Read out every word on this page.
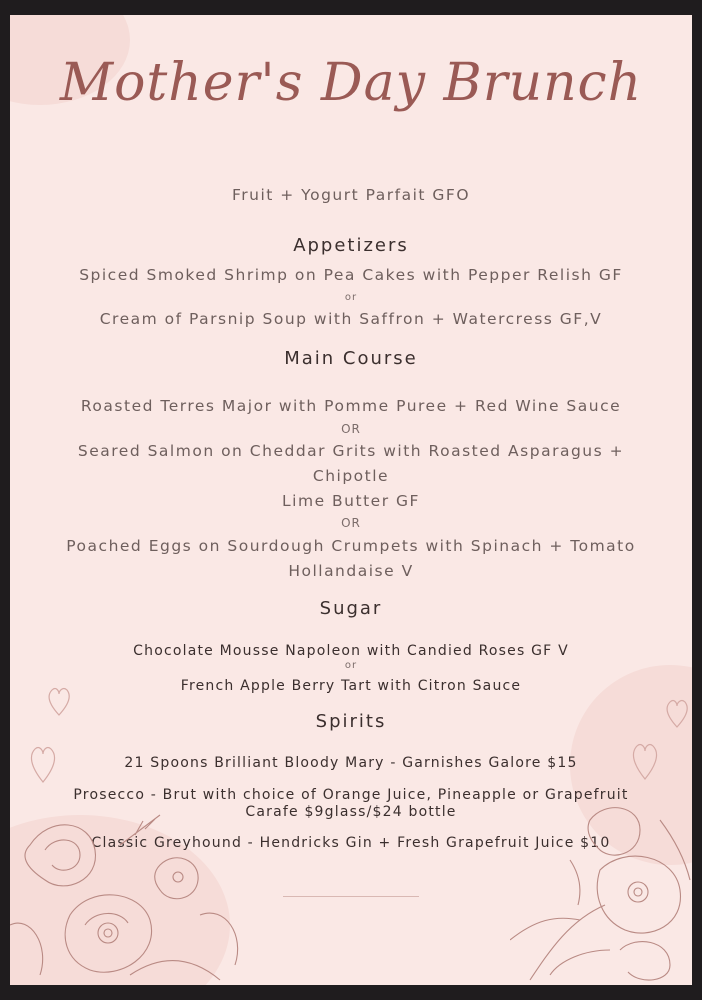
Mother's Day Brunch
Fruit + Yogurt Parfait GFO
Appetizers
Spiced Smoked Shrimp on Pea Cakes with Pepper Relish GF
or
Cream of Parsnip Soup with Saffron + Watercress GF,V
Main Course
Roasted Terres Major with Pomme Puree + Red Wine Sauce
OR
Seared Salmon on Cheddar Grits with Roasted Asparagus +
Chipotle
Lime Butter GF
OR
Poached Eggs on Sourdough Crumpets with Spinach + Tomato
Hollandaise V
Sugar
Chocolate Mousse Napoleon with Candied Roses GF V
or
French Apple Berry Tart with Citron Sauce
Spirits
21 Spoons Brilliant Bloody Mary - Garnishes Galore $15
Prosecco - Brut with choice of Orange Juice, Pineapple or Grapefruit
Carafe $9glass/$24 bottle
Classic Greyhound - Hendricks Gin + Fresh Grapefruit Juice $10
